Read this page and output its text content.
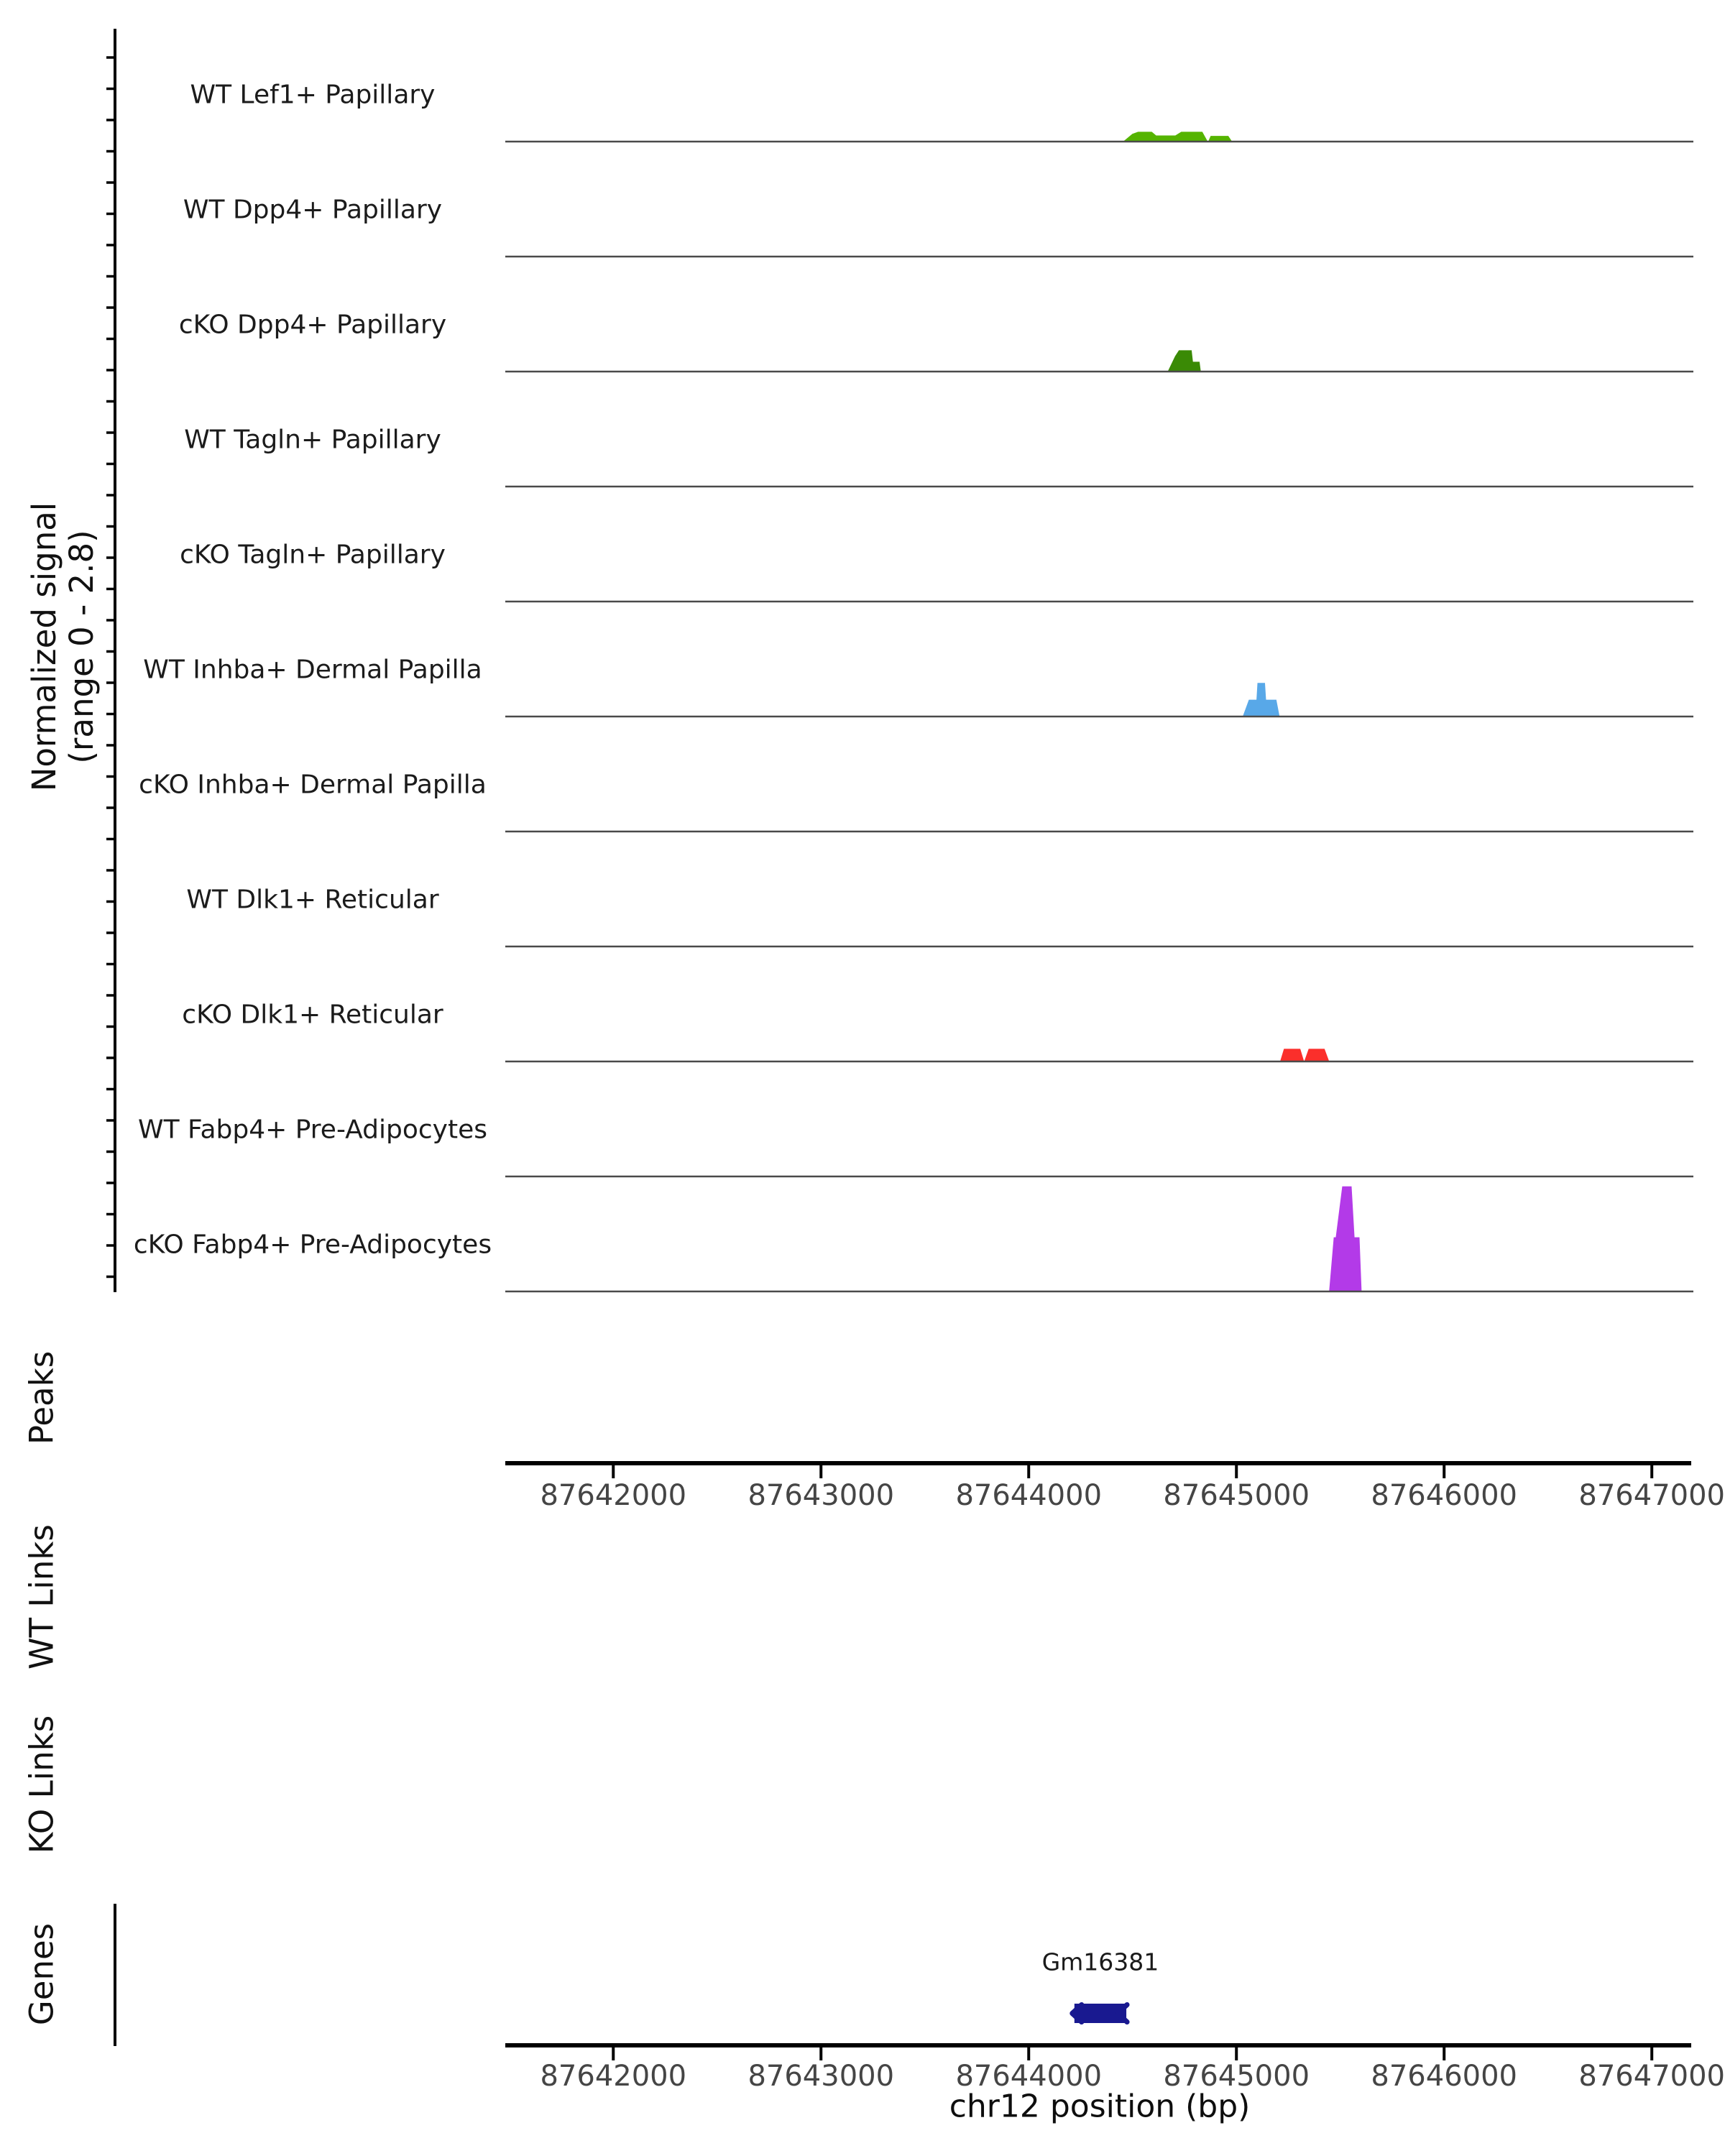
Normalized signal (range 0 - 2.8)
Peaks
WT Links
KO Links
Genes
WT Lef1+ Papillary
WT Dpp4+ Papillary
cKO Dpp4+ Papillary
WT Tagln+ Papillary
cKO Tagln+ Papillary
WT Inhba+ Dermal Papilla
cKO Inhba+ Dermal Papilla
WT Dlk1+ Reticular
cKO Dlk1+ Reticular
WT Fabp4+ Pre-Adipocytes
cKO Fabp4+ Pre-Adipocytes
87642000 87643000 87644000 87645000 87646000 87647000
87642000 87643000 87644000 87645000 87646000 87647000
Gm16381
chr12 position (bp)
